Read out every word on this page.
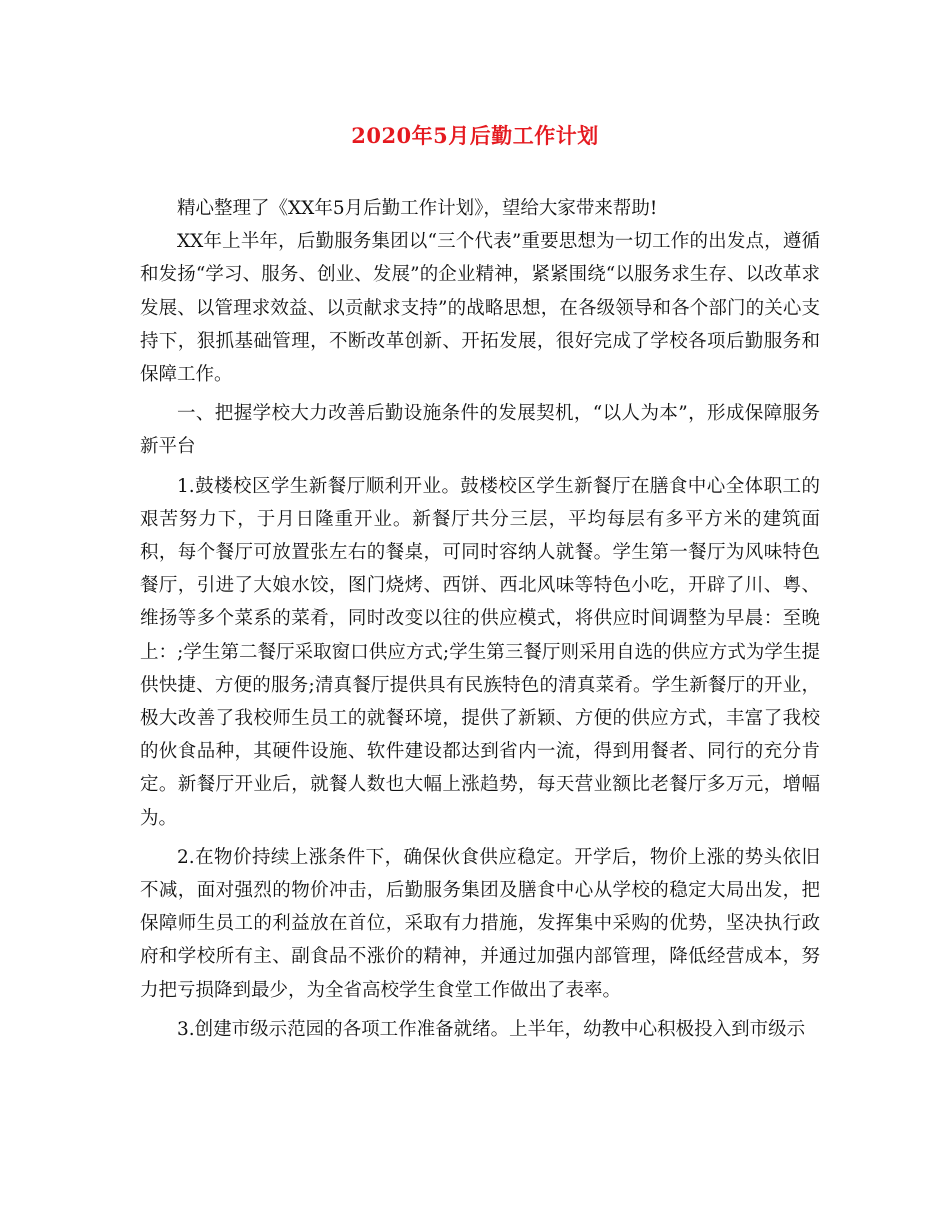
2020年5月后勤工作计划

精心整理了《XX年5月后勤工作计划》，望给大家带来帮助!

XX年上半年，后勤服务集团以“三个代表”重要思想为一切工作的出发点，遵循和发扬“学习、服务、创业、发展”的企业精神，紧紧围绕“以服务求生存、以改革求发展、以管理求效益、以贡献求支持”的战略思想，在各级领导和各个部门的关心支持下，狠抓基础管理，不断改革创新、开拓发展，很好完成了学校各项后勤服务和保障工作。

一、把握学校大力改善后勤设施条件的发展契机，“以人为本”，形成保障服务新平台

1.鼓楼校区学生新餐厅顺利开业。鼓楼校区学生新餐厅在膳食中心全体职工的艰苦努力下，于月日隆重开业。新餐厅共分三层，平均每层有多平方米的建筑面积，每个餐厅可放置张左右的餐桌，可同时容纳人就餐。学生第一餐厅为风味特色餐厅，引进了大娘水饺，图门烧烤、西饼、西北风味等特色小吃，开辟了川、粤、维扬等多个菜系的菜肴，同时改变以往的供应模式，将供应时间调整为早晨：至晚上：;学生第二餐厅采取窗口供应方式;学生第三餐厅则采用自选的供应方式为学生提供快捷、方便的服务;清真餐厅提供具有民族特色的清真菜肴。学生新餐厅的开业，极大改善了我校师生员工的就餐环境，提供了新颖、方便的供应方式，丰富了我校的伙食品种，其硬件设施、软件建设都达到省内一流，得到用餐者、同行的充分肯定。新餐厅开业后，就餐人数也大幅上涨趋势，每天营业额比老餐厅多万元，增幅为。

2.在物价持续上涨条件下，确保伙食供应稳定。开学后，物价上涨的势头依旧不减，面对强烈的物价冲击，后勤服务集团及膳食中心从学校的稳定大局出发，把保障师生员工的利益放在首位，采取有力措施，发挥集中采购的优势，坚决执行政府和学校所有主、副食品不涨价的精神，并通过加强内部管理，降低经营成本，努力把亏损降到最少，为全省高校学生食堂工作做出了表率。

3.创建市级示范园的各项工作准备就绪。上半年，幼教中心积极投入到市级示
